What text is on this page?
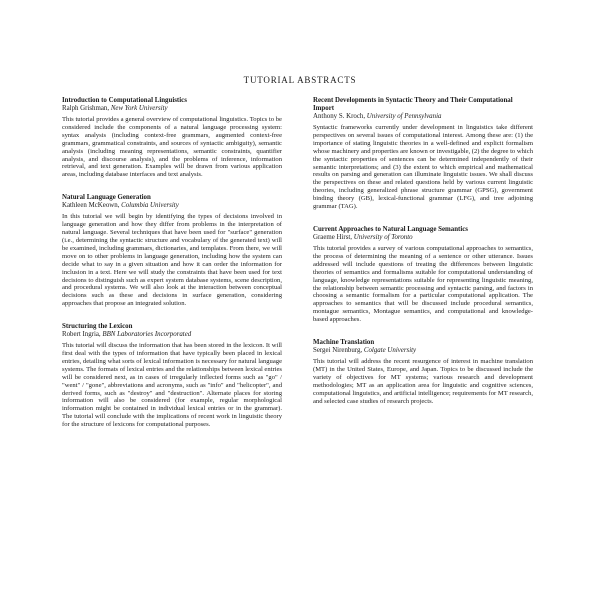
TUTORIAL ABSTRACTS

Introduction to Computational Linguistics

Ralph Grishman, New York University

This tutorial provides a general overview of computational linguistics. Topics to be considered include the components of a natural language processing system: syntax analysis (including context-free grammars, augmented context-free grammars, grammatical constraints, and sources of syntactic ambiguity), semantic analysis (including meaning representations, semantic constraints, quantifier analysis, and discourse analysis), and the problems of inference, information retrieval, and text generation. Examples will be drawn from various application areas, including database interfaces and text analysis.

Natural Language Generation

Kathleen McKeown, Columbia University

In this tutorial we will begin by identifying the types of decisions involved in language generation and how they differ from problems in the interpretation of natural language. Several techniques that have been used for "surface" generation (i.e., determining the syntactic structure and vocabulary of the generated text) will be examined, including grammars, dictionaries, and templates. From there, we will move on to other problems in language generation, including how the system can decide what to say in a given situation and how it can order the information for inclusion in a text. Here we will study the constraints that have been used for text decisions to distinguish such as expert system database systems, scene description, and procedural systems. We will also look at the interaction between conceptual decisions such as these and decisions in surface generation, considering approaches that propose an integrated solution.

Structuring the Lexicon

Robert Ingria, BBN Laboratories Incorporated

This tutorial will discuss the information that has been stored in the lexicon. It will first deal with the types of information that have typically been placed in lexical entries, detailing what sorts of lexical information is necessary for natural language systems. The formats of lexical entries and the relationships between lexical entries will be considered next, as in cases of irregularly inflected forms such as "go" / "went" / "gone", abbreviations and acronyms, such as "info" and "helicopter", and derived forms, such as "destroy" and "destruction". Alternate places for storing information will also be considered (for example, regular morphological information might be contained in individual lexical entries or in the grammar). The tutorial will conclude with the implications of recent work in linguistic theory for the structure of lexicons for computational purposes.

Recent Developments in Syntactic Theory and Their Computational Import

Anthony S. Kroch, University of Pennsylvania

Syntactic frameworks currently under development in linguistics take different perspectives on several issues of computational interest. Among these are: (1) the importance of stating linguistic theories in a well-defined and explicit formalism whose machinery and properties are known or investigable, (2) the degree to which the syntactic properties of sentences can be determined independently of their semantic interpretations; and (3) the extent to which empirical and mathematical results on parsing and generation can illuminate linguistic issues. We shall discuss the perspectives on these and related questions held by various current linguistic theories, including generalized phrase structure grammar (GPSG), government binding theory (GB), lexical-functional grammar (LFG), and tree adjoining grammar (TAG).

Current Approaches to Natural Language Semantics

Graeme Hirst, University of Toronto

This tutorial provides a survey of various computational approaches to semantics, the process of determining the meaning of a sentence or other utterance. Issues addressed will include questions of treating the differences between linguistic theories of semantics and formalisms suitable for computational understanding of language, knowledge representations suitable for representing linguistic meaning, the relationship between semantic processing and syntactic parsing, and factors in choosing a semantic formalism for a particular computational application. The approaches to semantics that will be discussed include procedural semantics, montague semantics, Montague semantics, and computational and knowledge-based approaches.

Machine Translation

Sergei Nirenburg, Colgate University

This tutorial will address the recent resurgence of interest in machine translation (MT) in the United States, Europe, and Japan. Topics to be discussed include the variety of objectives for MT systems; various research and development methodologies; MT as an application area for linguistic and cognitive sciences, computational linguistics, and artificial intelligence; requirements for MT research, and selected case studies of research projects.
